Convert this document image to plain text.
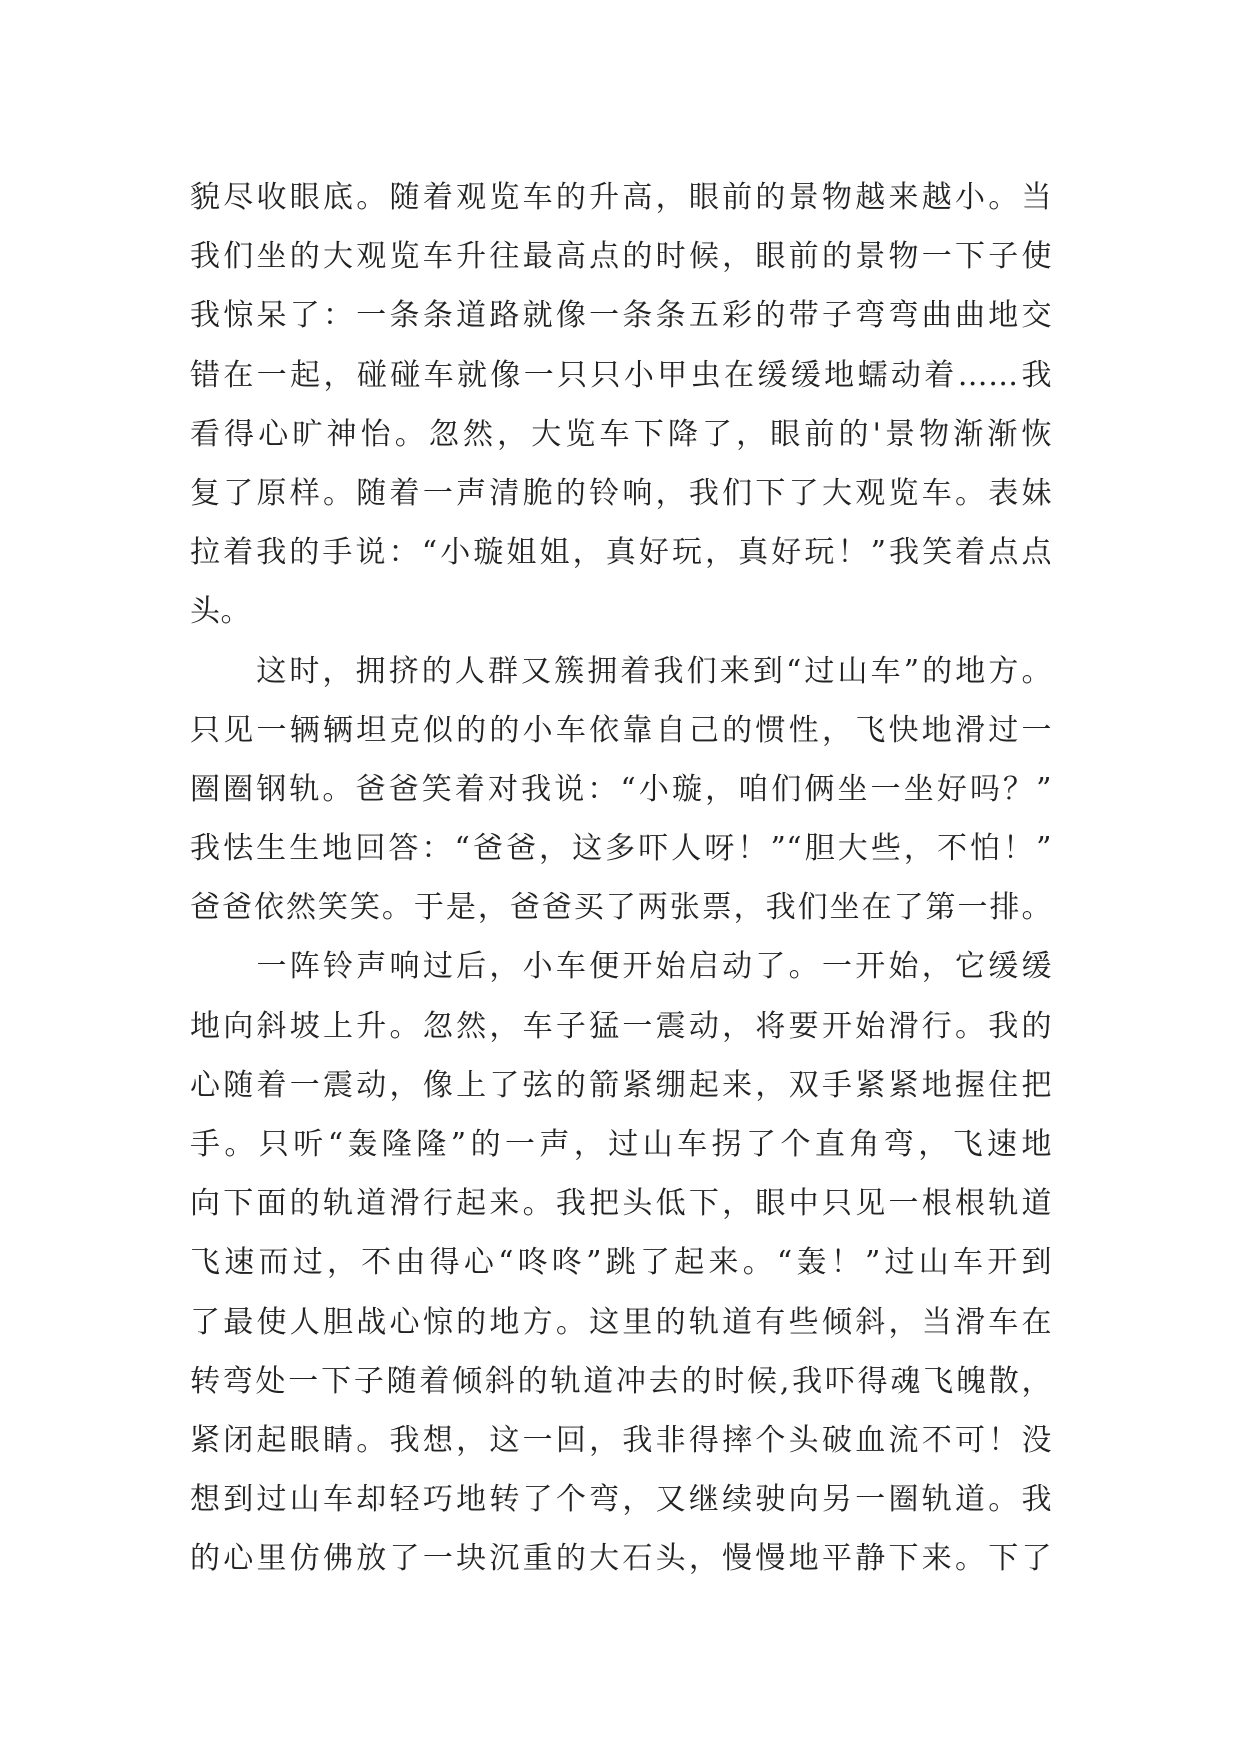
貌尽收眼底。随着观览车的升高，眼前的景物越来越小。当
我们坐的大观览车升往最高点的时候，眼前的景物一下子使
我惊呆了：一条条道路就像一条条五彩的带子弯弯曲曲地交
错在一起，碰碰车就像一只只小甲虫在缓缓地蠕动着……我
看得心旷神怡。忽然，大览车下降了，眼前的'景物渐渐恢
复了原样。随着一声清脆的铃响，我们下了大观览车。表妹
拉着我的手说：“小璇姐姐，真好玩，真好玩！”我笑着点点
头。
　　这时，拥挤的人群又簇拥着我们来到“过山车”的地方。
只见一辆辆坦克似的的小车依靠自己的惯性，飞快地滑过一
圈圈钢轨。爸爸笑着对我说：“小璇，咱们俩坐一坐好吗？”
我怯生生地回答：“爸爸，这多吓人呀！”“胆大些，不怕！”
爸爸依然笑笑。于是，爸爸买了两张票，我们坐在了第一排。
　　一阵铃声响过后，小车便开始启动了。一开始，它缓缓
地向斜坡上升。忽然，车子猛一震动，将要开始滑行。我的
心随着一震动，像上了弦的箭紧绷起来，双手紧紧地握住把
手。只听“轰隆隆”的一声，过山车拐了个直角弯，飞速地
向下面的轨道滑行起来。我把头低下，眼中只见一根根轨道
飞速而过，不由得心“咚咚”跳了起来。“轰！”过山车开到
了最使人胆战心惊的地方。这里的轨道有些倾斜，当滑车在
转弯处一下子随着倾斜的轨道冲去的时候,我吓得魂飞魄散，
紧闭起眼睛。我想，这一回，我非得摔个头破血流不可！没
想到过山车却轻巧地转了个弯，又继续驶向另一圈轨道。我
的心里仿佛放了一块沉重的大石头，慢慢地平静下来。下了
